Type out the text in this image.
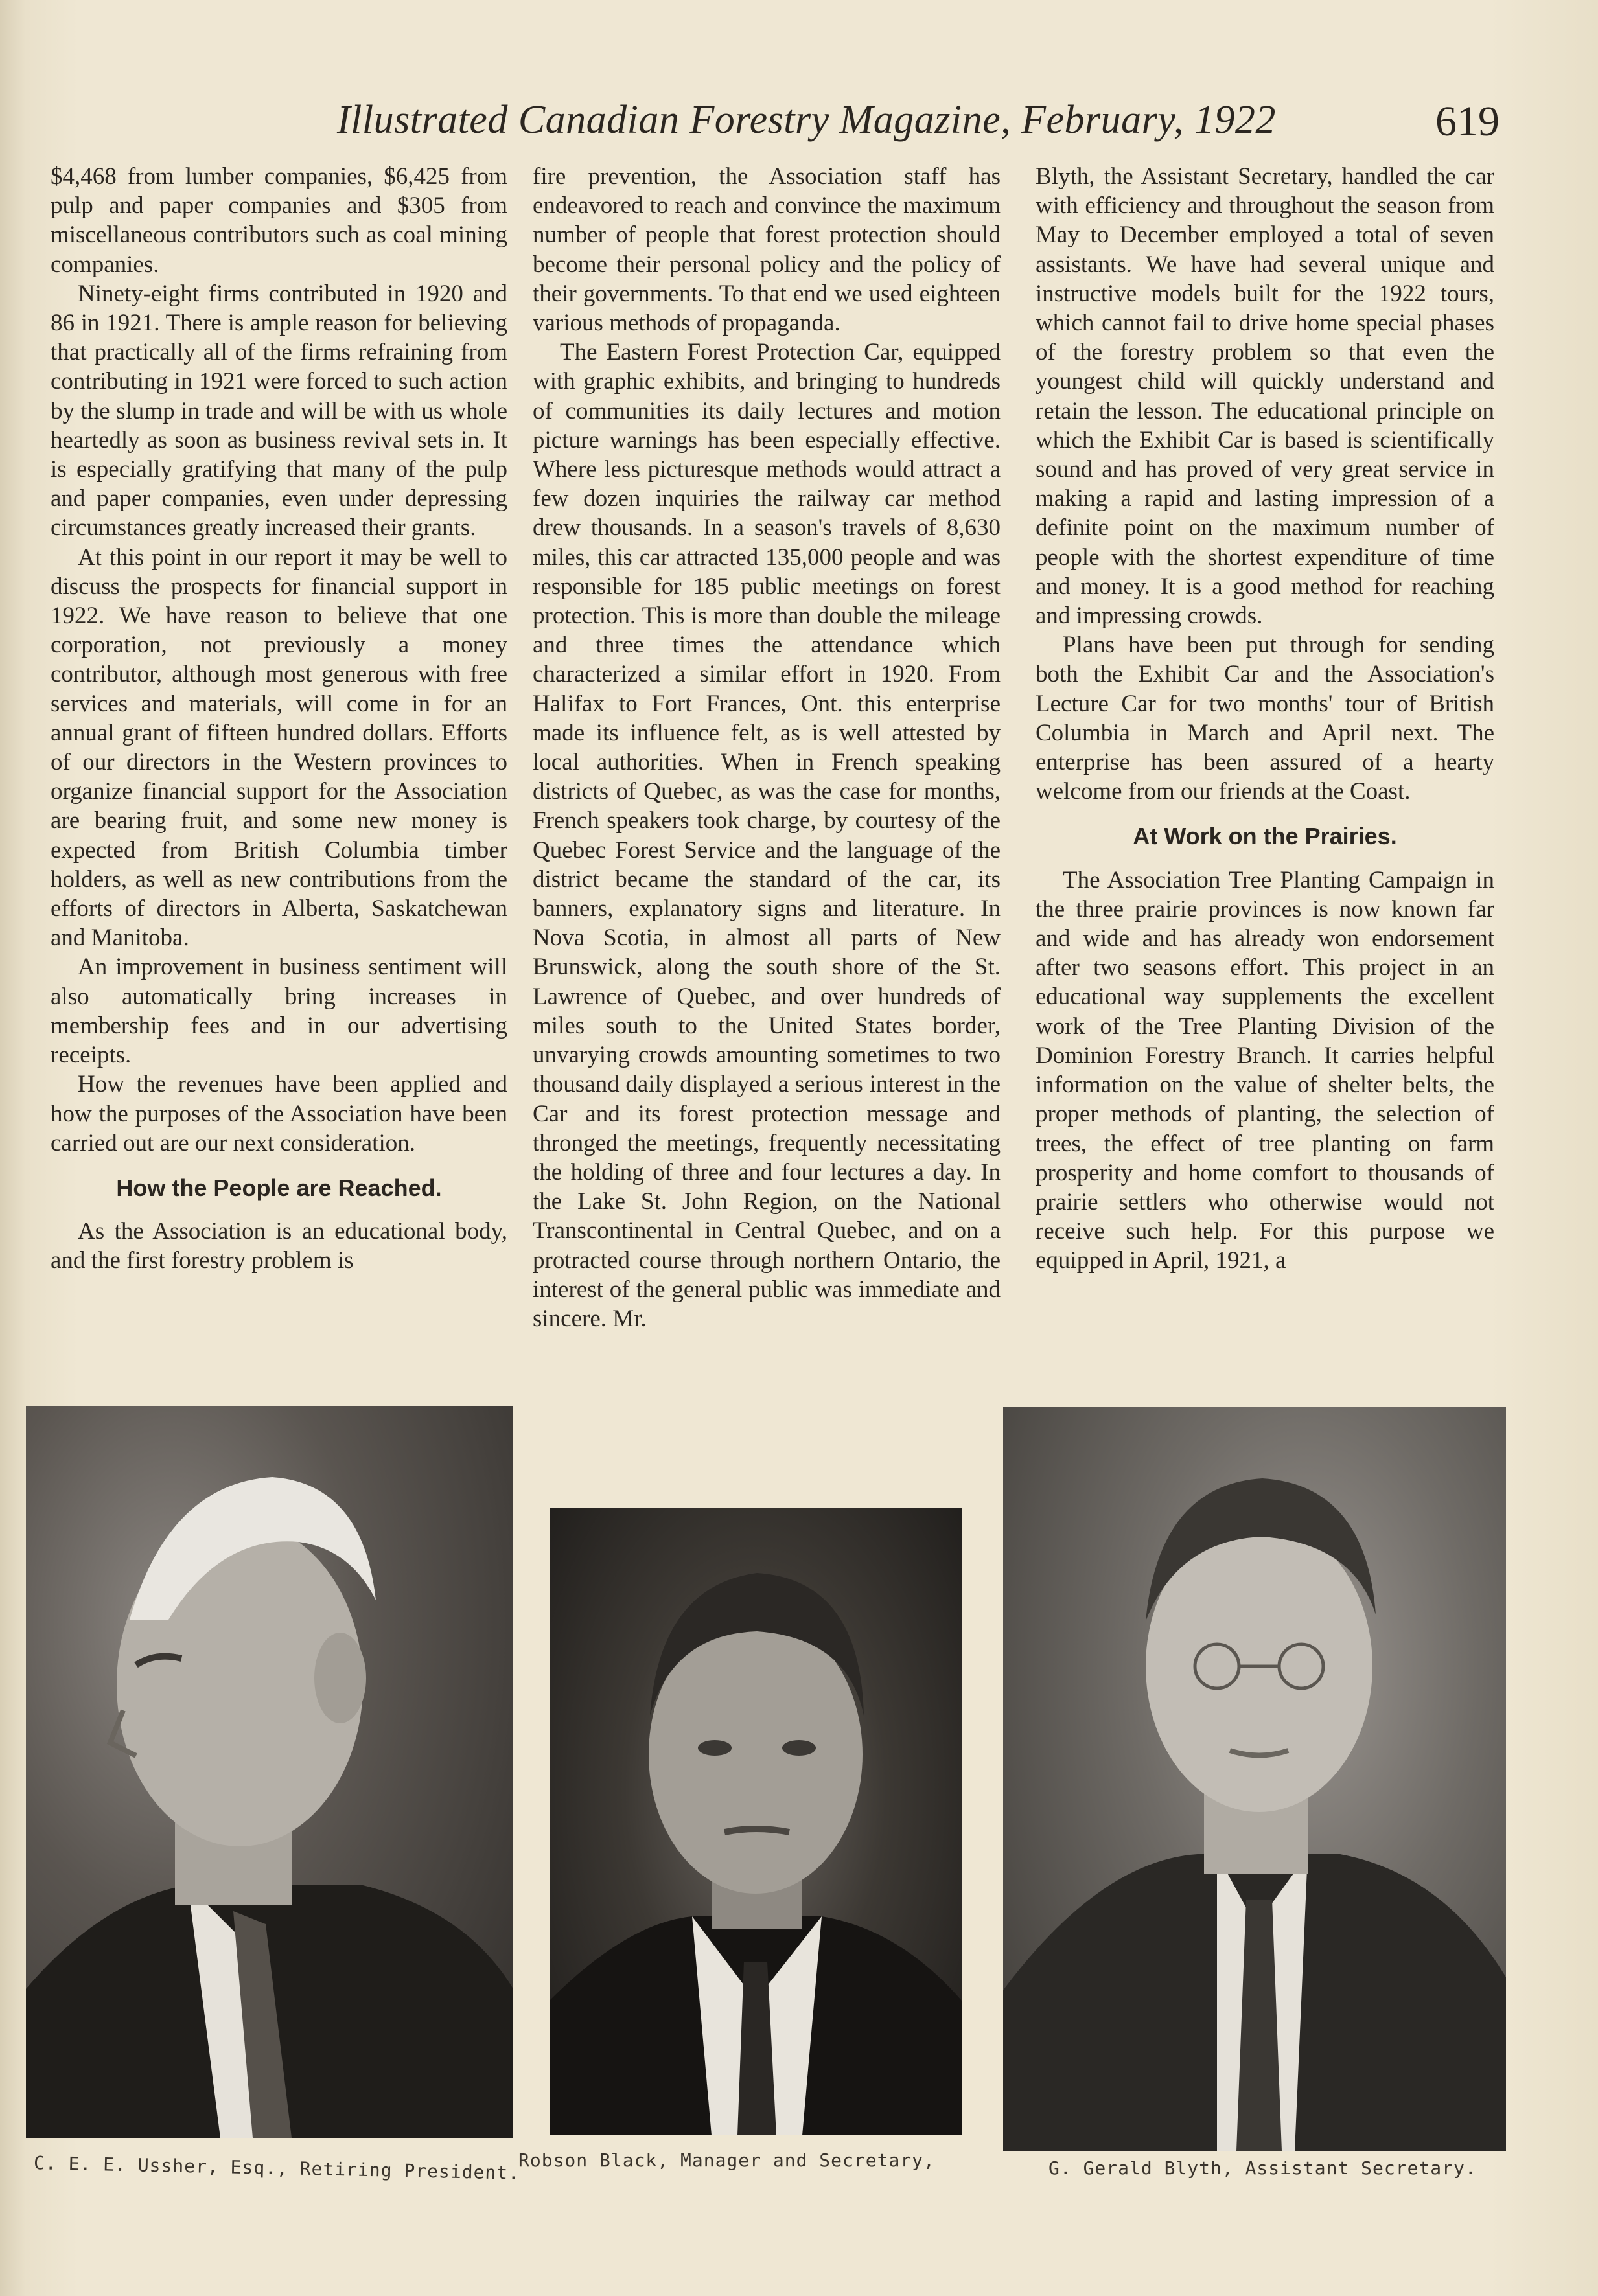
Illustrated Canadian Forestry Magazine, February, 1922	619

$4,468 from lumber companies, $6,425 from pulp and paper companies and $305 from miscellaneous contributors such as coal mining companies.

Ninety-eight firms contributed in 1920 and 86 in 1921. There is ample reason for believing that practically all of the firms refraining from contributing in 1921 were forced to such action by the slump in trade and will be with us whole heartedly as soon as business revival sets in. It is especially gratifying that many of the pulp and paper companies, even under depressing circumstances greatly increased their grants.

At this point in our report it may be well to discuss the prospects for financial support in 1922. We have reason to believe that one corporation, not previously a money contributor, although most generous with free services and materials, will come in for an annual grant of fifteen hundred dollars. Efforts of our directors in the Western provinces to organize financial support for the Association are bearing fruit, and some new money is expected from British Columbia timber holders, as well as new contributions from the efforts of directors in Alberta, Saskatchewan and Manitoba.

An improvement in business sentiment will also automatically bring increases in membership fees and in our advertising receipts.

How the revenues have been applied and how the purposes of the Association have been carried out are our next consideration.

How the People are Reached.

As the Association is an educational body, and the first forestry problem is

fire prevention, the Association staff has endeavored to reach and convince the maximum number of people that forest protection should become their personal policy and the policy of their governments. To that end we used eighteen various methods of propaganda.

The Eastern Forest Protection Car, equipped with graphic exhibits, and bringing to hundreds of communities its daily lectures and motion picture warnings has been especially effective. Where less picturesque methods would attract a few dozen inquiries the railway car method drew thousands. In a season's travels of 8,630 miles, this car attracted 135,000 people and was responsible for 185 public meetings on forest protection. This is more than double the mileage and three times the attendance which characterized a similar effort in 1920. From Halifax to Fort Frances, Ont. this enterprise made its influence felt, as is well attested by local authorities. When in French speaking districts of Quebec, as was the case for months, French speakers took charge, by courtesy of the Quebec Forest Service and the language of the district became the standard of the car, its banners, explanatory signs and literature. In Nova Scotia, in almost all parts of New Brunswick, along the south shore of the St. Lawrence of Quebec, and over hundreds of miles south to the United States border, unvarying crowds amounting sometimes to two thousand daily displayed a serious interest in the Car and its forest protection message and thronged the meetings, frequently necessitating the holding of three and four lectures a day. In the Lake St. John Region, on the National Transcontinental in Central Quebec, and on a protracted course through northern Ontario, the interest of the general public was immediate and sincere. Mr.

Blyth, the Assistant Secretary, handled the car with efficiency and throughout the season from May to December employed a total of seven assistants. We have had several unique and instructive models built for the 1922 tours, which cannot fail to drive home special phases of the forestry problem so that even the youngest child will quickly understand and retain the lesson. The educational principle on which the Exhibit Car is based is scientifically sound and has proved of very great service in making a rapid and lasting impression of a definite point on the maximum number of people with the shortest expenditure of time and money. It is a good method for reaching and impressing crowds.

Plans have been put through for sending both the Exhibit Car and the Association's Lecture Car for two months' tour of British Columbia in March and April next. The enterprise has been assured of a hearty welcome from our friends at the Coast.

At Work on the Prairies.

The Association Tree Planting Campaign in the three prairie provinces is now known far and wide and has already won endorsement after two seasons effort. This project in an educational way supplements the excellent work of the Tree Planting Division of the Dominion Forestry Branch. It carries helpful information on the value of shelter belts, the proper methods of planting, the selection of trees, the effect of tree planting on farm prosperity and home comfort to thousands of prairie settlers who otherwise would not receive such help. For this purpose we equipped in April, 1921, a

C. E. E. Ussher, Esq., Retiring President.
Robson Black, Manager and Secretary,	G. Gerald Blyth, Assistant Secretary.
